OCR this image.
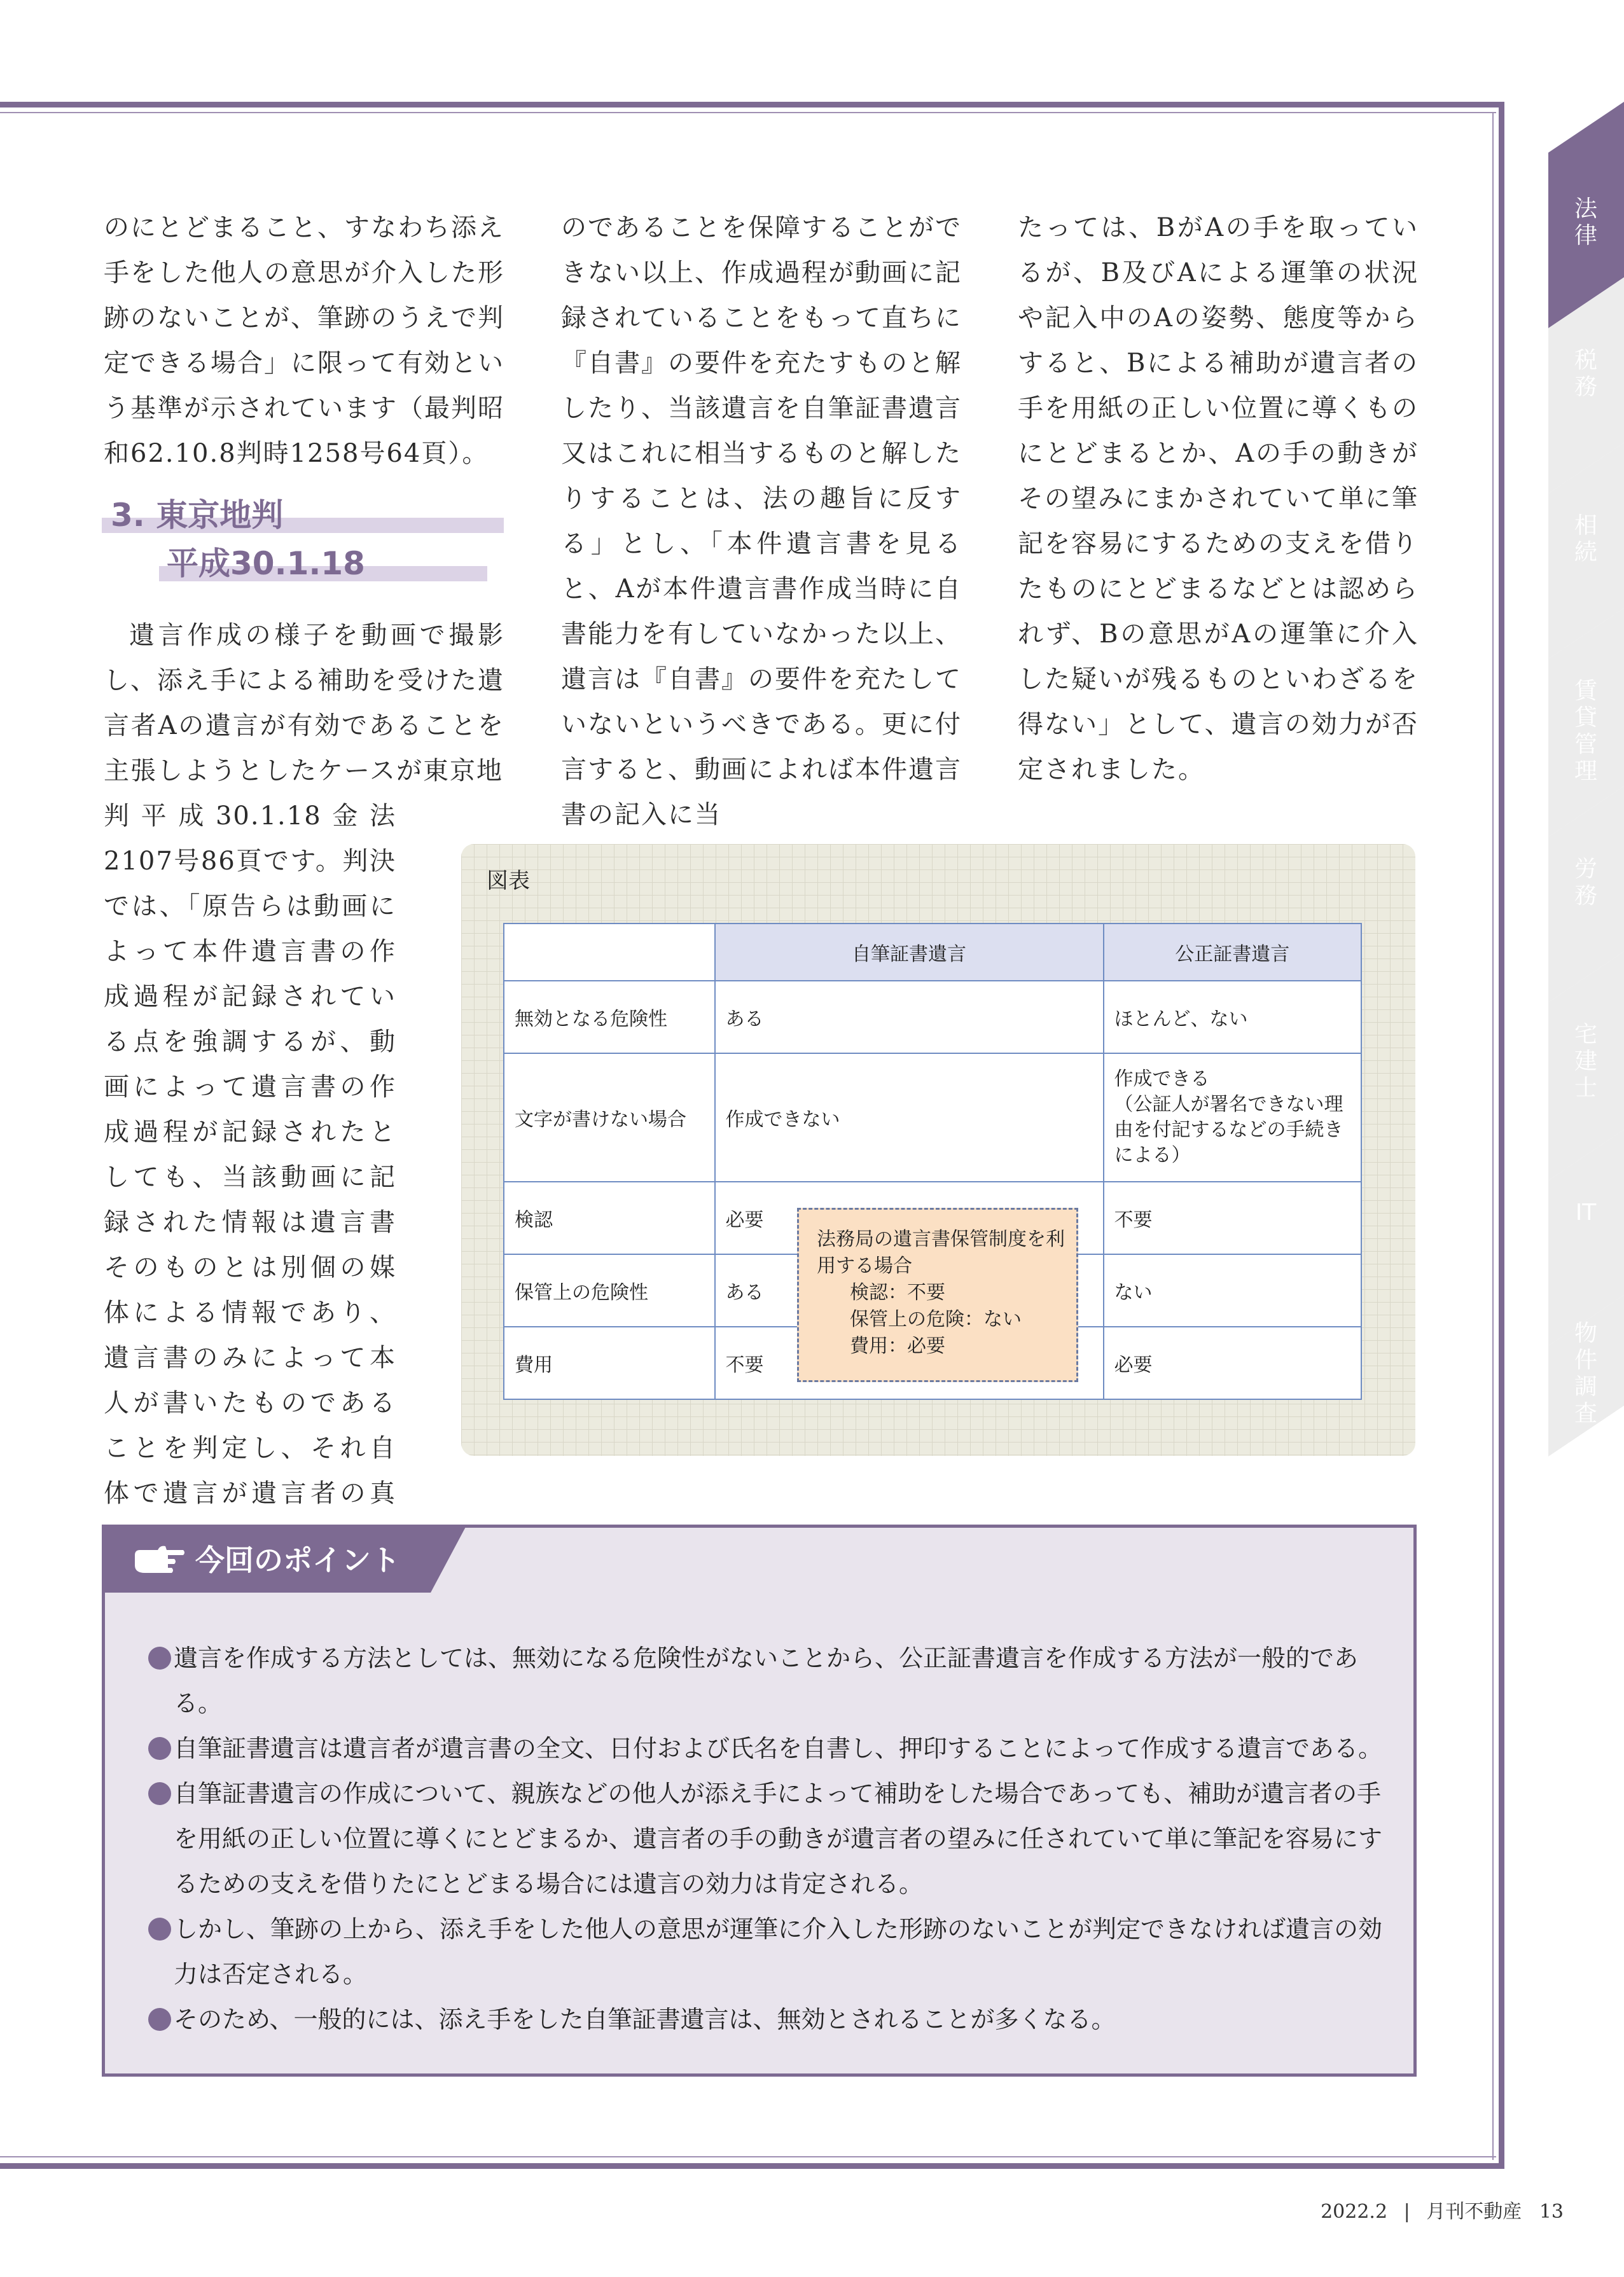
のにとどまること、すなわち添え手をした他人の意思が介入した形跡のないことが、筆跡のうえで判定できる場合」に限って有効という基準が示されています（最判昭和62.10.8判時1258号64頁）。

3. 東京地判
平成30.1.18

遺言作成の様子を動画で撮影し、添え手による補助を受けた遺言者Aの遺言が有効であることを主張しようとしたケースが東京地

判平成30.1.18金法2107号86頁です。判決では、「原告らは動画によって本件遺言書の作成過程が記録されている点を強調するが、動画によって遺言書の作成過程が記録されたとしても、当該動画に記録された情報は遺言書そのものとは別個の媒体による情報であり、遺言書のみによって本人が書いたものであることを判定し、それ自体で遺言が遺言者の真

のであることを保障することができない以上、作成過程が動画に記録されていることをもって直ちに『自書』の要件を充たすものと解したり、当該遺言を自筆証書遺言又はこれに相当するものと解したりすることは、法の趣旨に反する」とし、「本件遺言書を見ると、Aが本件遺言書作成当時に自書能力を有していなかった以上、遺言は『自書』の要件を充たしていないというべきである。更に付言すると、動画によれば本件遺言書の記入に当

たっては、BがAの手を取っているが、B及びAによる運筆の状況や記入中のAの姿勢、態度等からすると、Bによる補助が遺言者の手を用紙の正しい位置に導くものにとどまるとか、Aの手の動きがその望みにまかされていて単に筆記を容易にするための支えを借りたものにとどまるなどとは認められず、Bの意思がAの運筆に介入した疑いが残るものといわざるを得ない」として、遺言の効力が否定されました。

図表
	自筆証書遺言	公正証書遺言
無効となる危険性	ある	ほとんど、ない
文字が書けない場合	作成できない	作成できる
（公証人が署名できない理由を付記するなどの手続きによる）

検認	必要	不要
保管上の危険性	ある	ない
費用	不要	必要
法務局の遺言書保管制度を利用する場合
検認：不要
保管上の危険：ない
費用：必要
今回のポイント
遺言を作成する方法としては、無効になる危険性がないことから、公正証書遺言を作成する方法が一般的である。
自筆証書遺言は遺言者が遺言書の全文、日付および氏名を自書し、押印することによって作成する遺言である。
自筆証書遺言の作成について、親族などの他人が添え手によって補助をした場合であっても、補助が遺言者の手を用紙の正しい位置に導くにとどまるか、遺言者の手の動きが遺言者の望みに任されていて単に筆記を容易にするための支えを借りたにとどまる場合には遺言の効力は肯定される。
しかし、筆跡の上から、添え手をした他人の意思が運筆に介入した形跡のないことが判定できなければ遺言の効力は否定される。
そのため、一般的には、添え手をした自筆証書遺言は、無効とされることが多くなる。
法律
税務
相続
賃貸管理
労務
宅建士
IT
物件調査
2022.2 | 月刊不動産 13
